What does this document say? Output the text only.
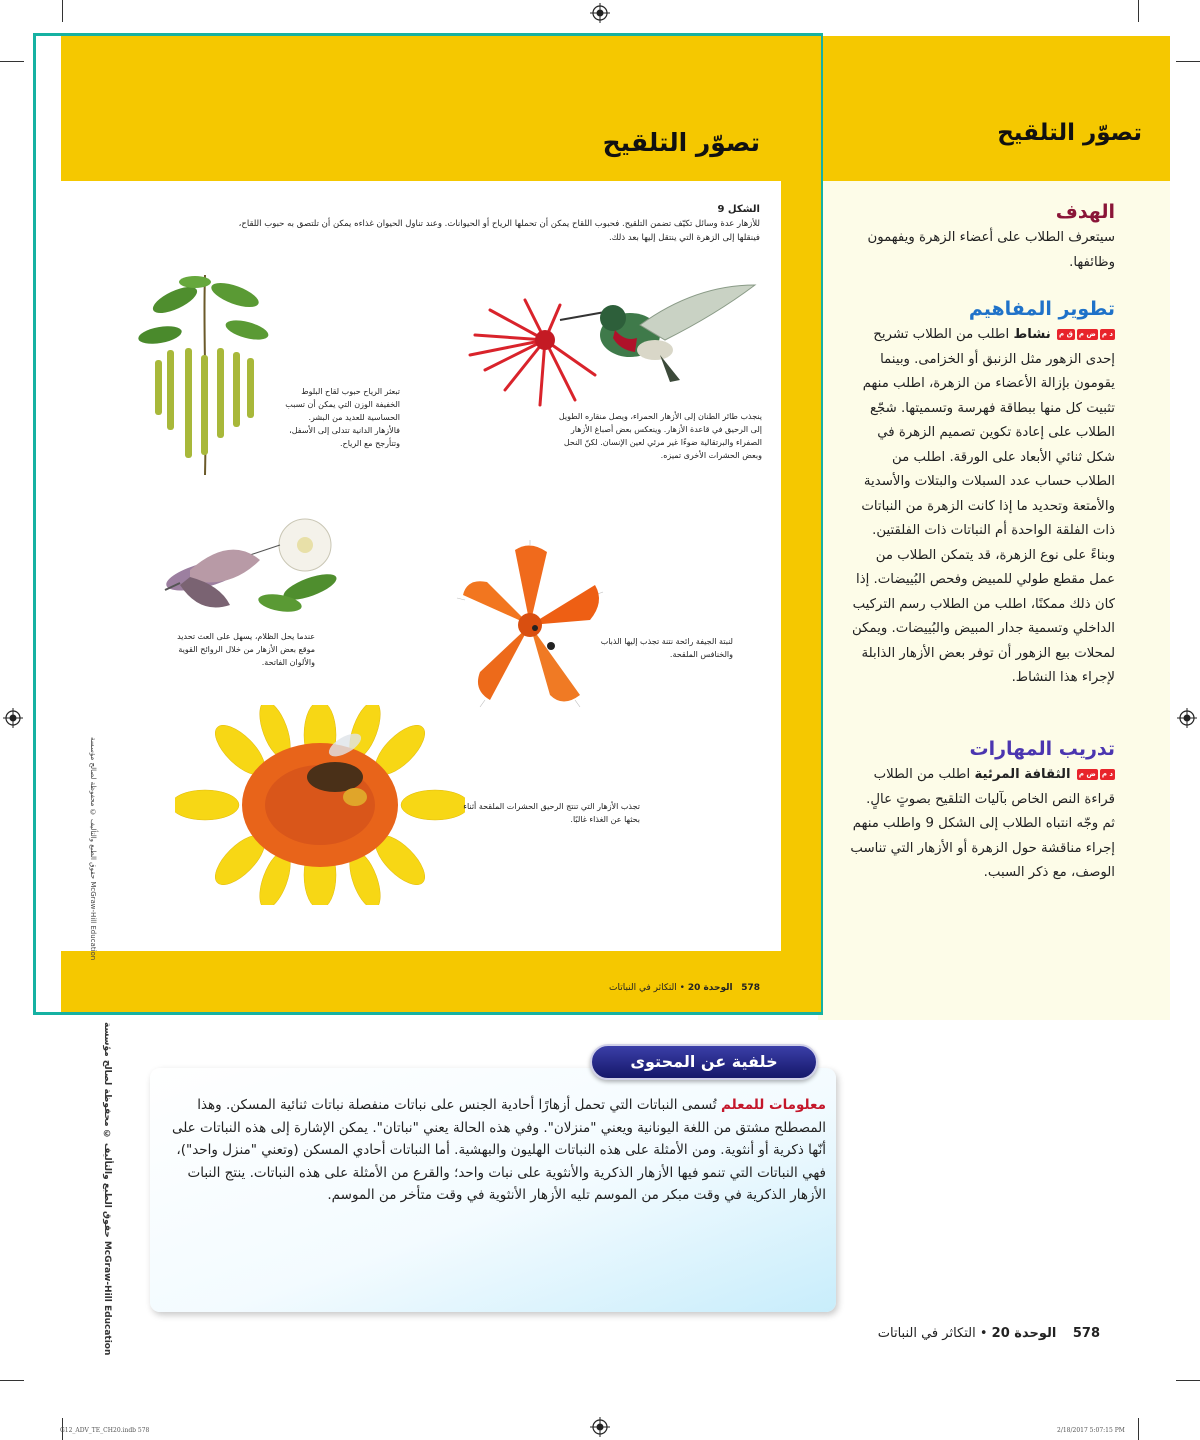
تصوّر التلقيح
الهدف
سيتعرف الطلاب على أعضاء الزهرة ويفهمون وظائفها.
تطوير المفاهيم
د مض مق م نشاط اطلب من الطلاب تشريح إحدى الزهور مثل الزنبق أو الخزامى. وبينما يقومون بإزالة الأعضاء من الزهرة، اطلب منهم تثبيت كل منها ببطاقة فهرسة وتسميتها. شجّع الطلاب على إعادة تكوين تصميم الزهرة في شكل ثنائي الأبعاد على الورقة. اطلب من الطلاب حساب عدد السبلات والبتلات والأسدية والأمتعة وتحديد ما إذا كانت الزهرة من النباتات ذات الفلقة الواحدة أم النباتات ذات الفلقتين. وبناءً على نوع الزهرة، قد يتمكن الطلاب من عمل مقطع طولي للمبيض وفحص البُييضات. إذا كان ذلك ممكنًا، اطلب من الطلاب رسم التركيب الداخلي وتسمية جدار المبيض والبُييضات. ويمكن لمحلات بيع الزهور أن توفر بعض الأزهار الذابلة لإجراء هذا النشاط.
تدريب المهارات
د مض م الثقافة المرئية اطلب من الطلاب قراءة النص الخاص بآليات التلقيح بصوتٍ عالٍ. ثم وجّه انتباه الطلاب إلى الشكل 9 واطلب منهم إجراء مناقشة حول الزهرة أو الأزهار التي تناسب الوصف، مع ذكر السبب.
تصوّر التلقيح
578   الوحدة 20 • التكاثر في النباتات
الشكل 9
للأزهار عدة وسائل تكيّف تضمن التلقيح. فحبوب اللقاح يمكن أن تحملها الرياح أو الحيوانات. وعند تناول الحيوان غذاءه يمكن أن تلتصق به حبوب اللقاح، فينقلها إلى الزهرة التي ينتقل إليها بعد ذلك.
تبعثر الرياح حبوب لقاح البلوط الخفيفة الوزن التي يمكن أن تسبب الحساسية للعديد من البشر. فالأزهار الدانية تتدلى إلى الأسفل، وتتأرجح مع الرياح.
ينجذب طائر الطنان إلى الأزهار الحمراء، ويصل منقاره الطويل إلى الرحيق في قاعدة الأزهار. وينعكس بعض أصباغ الأزهار الصفراء والبرتقالية ضوءًا غير مرئي لعين الإنسان. لكنّ النحل وبعض الحشرات الأخرى تميزه.
عندما يحل الظلام، يسهل على العث تحديد موقع بعض الأزهار من خلال الروائح القوية والألوان الفاتحة.
لنبتة الجيفة رائحة نتنة تجذب إليها الذباب والخنافس الملقحة.
تجذب الأزهار التي تنتج الرحيق الحشرات الملقحة أثناء بحثها عن الغذاء غالبًا.
حقوق الطبع والتأليف © محفوظة لصالح مؤسسة McGraw-Hill Education
خلفية عن المحتوى
معلومات للمعلم تُسمى النباتات التي تحمل أزهارًا أحادية الجنس على نباتات منفصلة نباتات ثنائية المسكن. وهذا المصطلح مشتق من اللغة اليونانية ويعني "منزلان". وفي هذه الحالة يعني "نباتان". يمكن الإشارة إلى هذه النباتات على أنّها ذكرية أو أنثوية. ومن الأمثلة على هذه النباتات الهليون والبهشية. أما النباتات أحادي المسكن (وتعني "منزل واحد")، فهي النباتات التي تنمو فيها الأزهار الذكرية والأنثوية على نبات واحد؛ والقرع من الأمثلة على هذه النباتات. ينتج النبات الأزهار الذكرية في وقت مبكر من الموسم تليه الأزهار الأنثوية في وقت متأخر من الموسم.
حقوق الطبع والتأليف © محفوظة لصالح مؤسسة McGraw-Hill Education	578    الوحدة 20 • التكاثر في النباتات
G12_ADV_TE_CH20.indb 578	2/18/2017 5:07:15 PM
